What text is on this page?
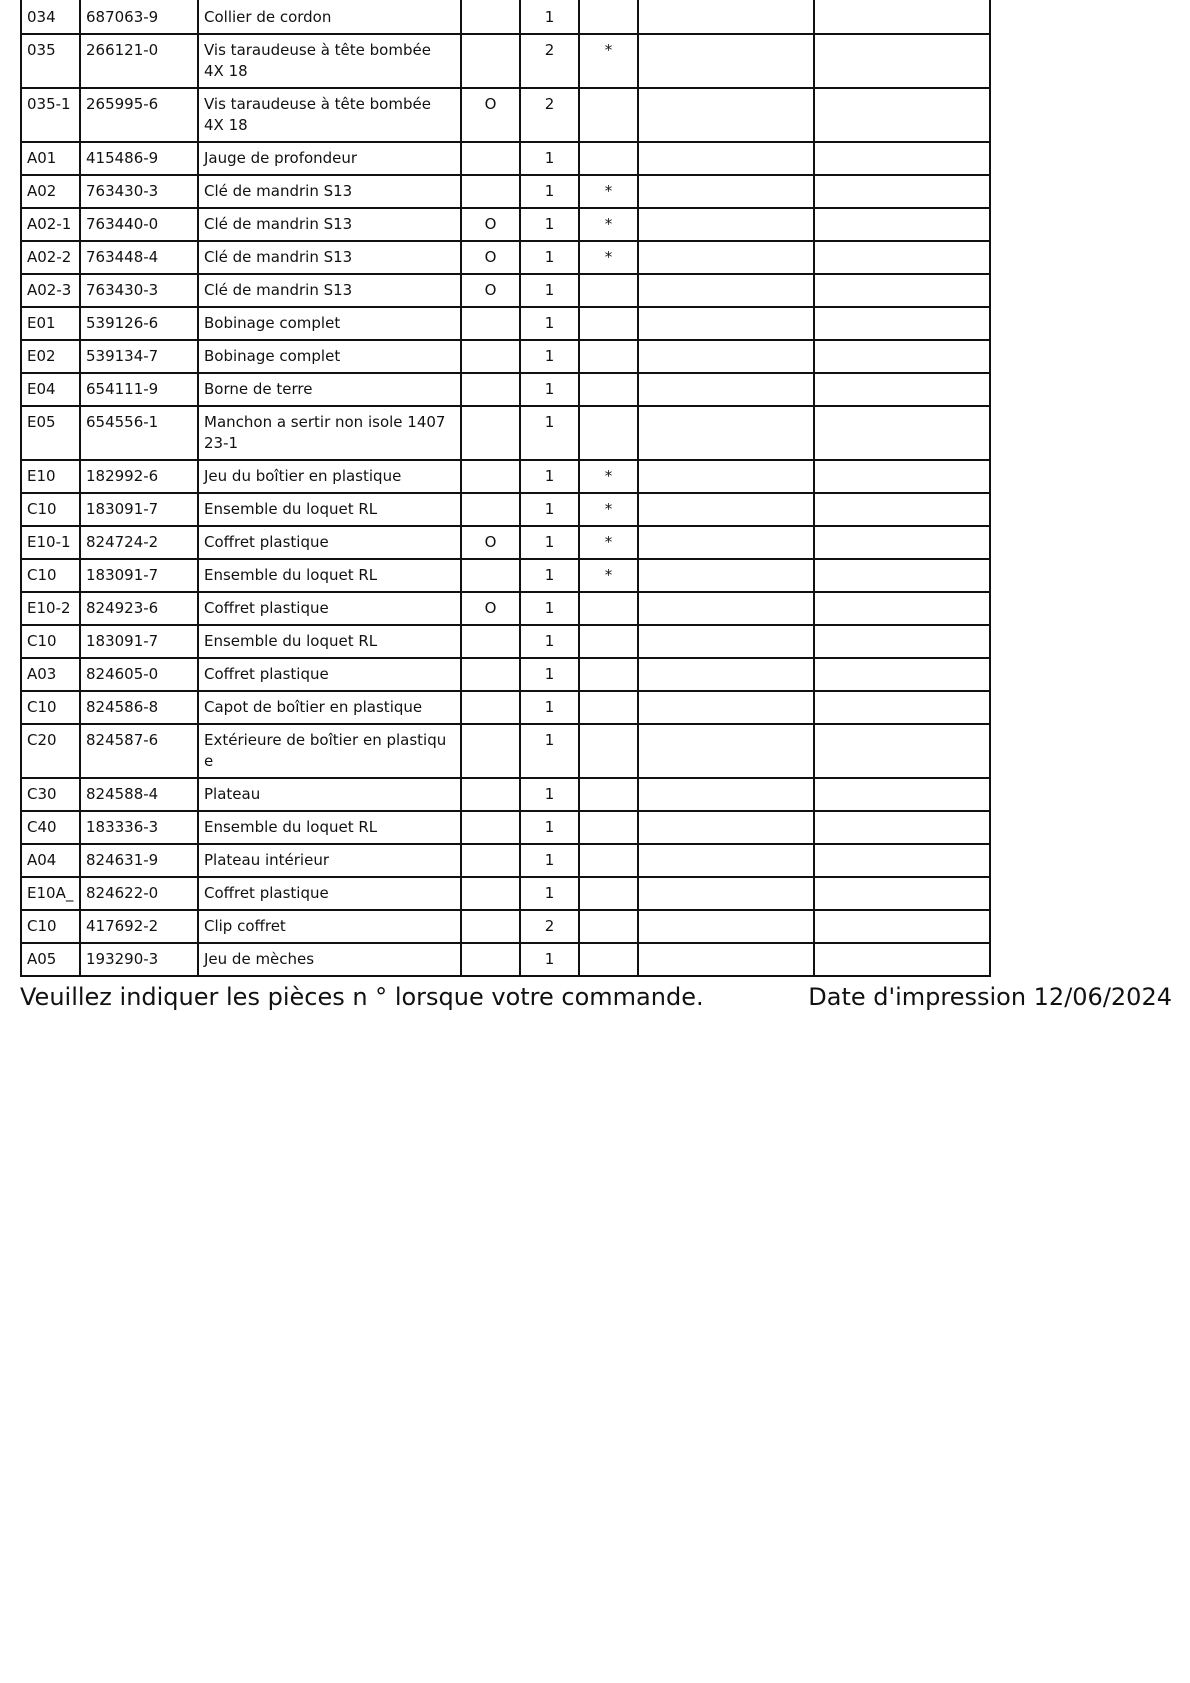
034	687063-9	Collier de cordon		1			
035	266121-0	Vis taraudeuse à tête bombée 4X 18		2	*		
035-1	265995-6	Vis taraudeuse à tête bombée 4X 18	O	2			
A01	415486-9	Jauge de profondeur		1			
A02	763430-3	Clé de mandrin S13		1	*		
A02-1	763440-0	Clé de mandrin S13	O	1	*		
A02-2	763448-4	Clé de mandrin S13	O	1	*		
A02-3	763430-3	Clé de mandrin S13	O	1			
E01	539126-6	Bobinage complet		1			
E02	539134-7	Bobinage complet		1			
E04	654111-9	Borne de terre		1			
E05	654556-1	Manchon a sertir non isole 1407 23-1		1			
E10	182992-6	Jeu du boîtier en plastique		1	*		
C10	183091-7	Ensemble du loquet RL		1	*		
E10-1	824724-2	Coffret plastique	O	1	*		
C10	183091-7	Ensemble du loquet RL		1	*		
E10-2	824923-6	Coffret plastique	O	1			
C10	183091-7	Ensemble du loquet RL		1			
A03	824605-0	Coffret plastique		1			
C10	824586-8	Capot de boîtier en plastique		1			
C20	824587-6	Extérieure de boîtier en plastiqu e		1			
C30	824588-4	Plateau		1			
C40	183336-3	Ensemble du loquet RL		1			
A04	824631-9	Plateau intérieur		1			
E10A_	824622-0	Coffret plastique		1			
C10	417692-2	Clip coffret		2			
A05	193290-3	Jeu de mèches		1			
Veuillez indiquer les pièces n ° lorsque votre commande.	Date d'impression 12/06/2024
